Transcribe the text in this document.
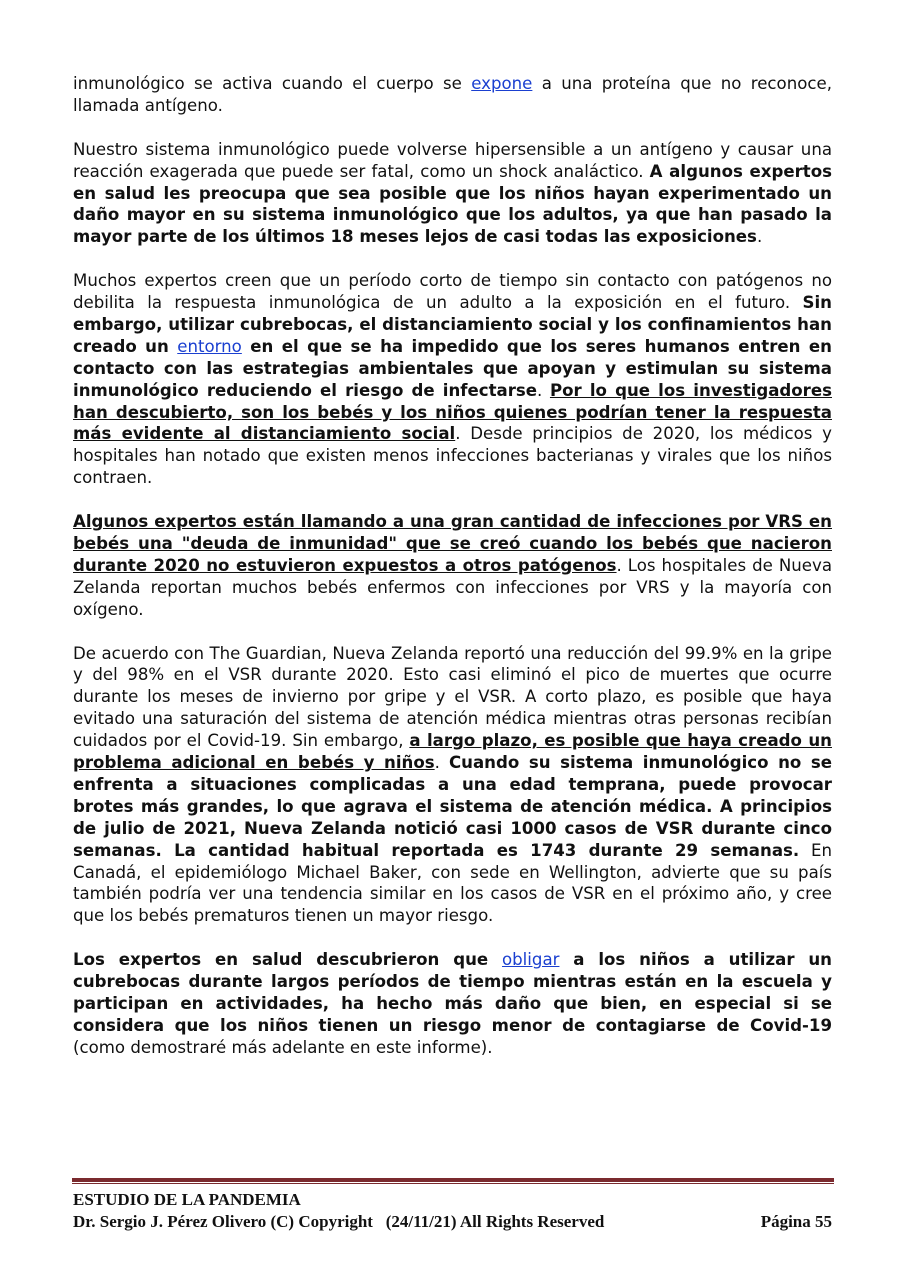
inmunológico se activa cuando el cuerpo se expone a una proteína que no reconoce, llamada antígeno.

Nuestro sistema inmunológico puede volverse hipersensible a un antígeno y causar una reacción exagerada que puede ser fatal, como un shock analáctico. A algunos expertos en salud les preocupa que sea posible que los niños hayan experimentado un daño mayor en su sistema inmunológico que los adultos, ya que han pasado la mayor parte de los últimos 18 meses lejos de casi todas las exposiciones.

Muchos expertos creen que un período corto de tiempo sin contacto con patógenos no debilita la respuesta inmunológica de un adulto a la exposición en el futuro. Sin embargo, utilizar cubrebocas, el distanciamiento social y los confinamientos han creado un entorno en el que se ha impedido que los seres humanos entren en contacto con las estrategias ambientales que apoyan y estimulan su sistema inmunológico reduciendo el riesgo de infectarse. Por lo que los investigadores han descubierto, son los bebés y los niños quienes podrían tener la respuesta más evidente al distanciamiento social. Desde principios de 2020, los médicos y hospitales han notado que existen menos infecciones bacterianas y virales que los niños contraen.

Algunos expertos están llamando a una gran cantidad de infecciones por VRS en bebés una "deuda de inmunidad" que se creó cuando los bebés que nacieron durante 2020 no estuvieron expuestos a otros patógenos. Los hospitales de Nueva Zelanda reportan muchos bebés enfermos con infecciones por VRS y la mayoría con oxígeno.

De acuerdo con The Guardian, Nueva Zelanda reportó una reducción del 99.9% en la gripe y del 98% en el VSR durante 2020. Esto casi eliminó el pico de muertes que ocurre durante los meses de invierno por gripe y el VSR. A corto plazo, es posible que haya evitado una saturación del sistema de atención médica mientras otras personas recibían cuidados por el Covid-19. Sin embargo, a largo plazo, es posible que haya creado un problema adicional en bebés y niños. Cuando su sistema inmunológico no se enfrenta a situaciones complicadas a una edad temprana, puede provocar brotes más grandes, lo que agrava el sistema de atención médica. A principios de julio de 2021, Nueva Zelanda notició casi 1000 casos de VSR durante cinco semanas. La cantidad habitual reportada es 1743 durante 29 semanas. En Canadá, el epidemiólogo Michael Baker, con sede en Wellington, advierte que su país también podría ver una tendencia similar en los casos de VSR en el próximo año, y cree que los bebés prematuros tienen un mayor riesgo.

Los expertos en salud descubrieron que obligar a los niños a utilizar un cubrebocas durante largos períodos de tiempo mientras están en la escuela y participan en actividades, ha hecho más daño que bien, en especial si se considera que los niños tienen un riesgo menor de contagiarse de Covid-19 (como demostraré más adelante en este informe).

ESTUDIO DE LA PANDEMIA
Dr. Sergio J. Pérez Olivero (C) Copyright   (24/11/21) All Rights Reserved	Página 55
